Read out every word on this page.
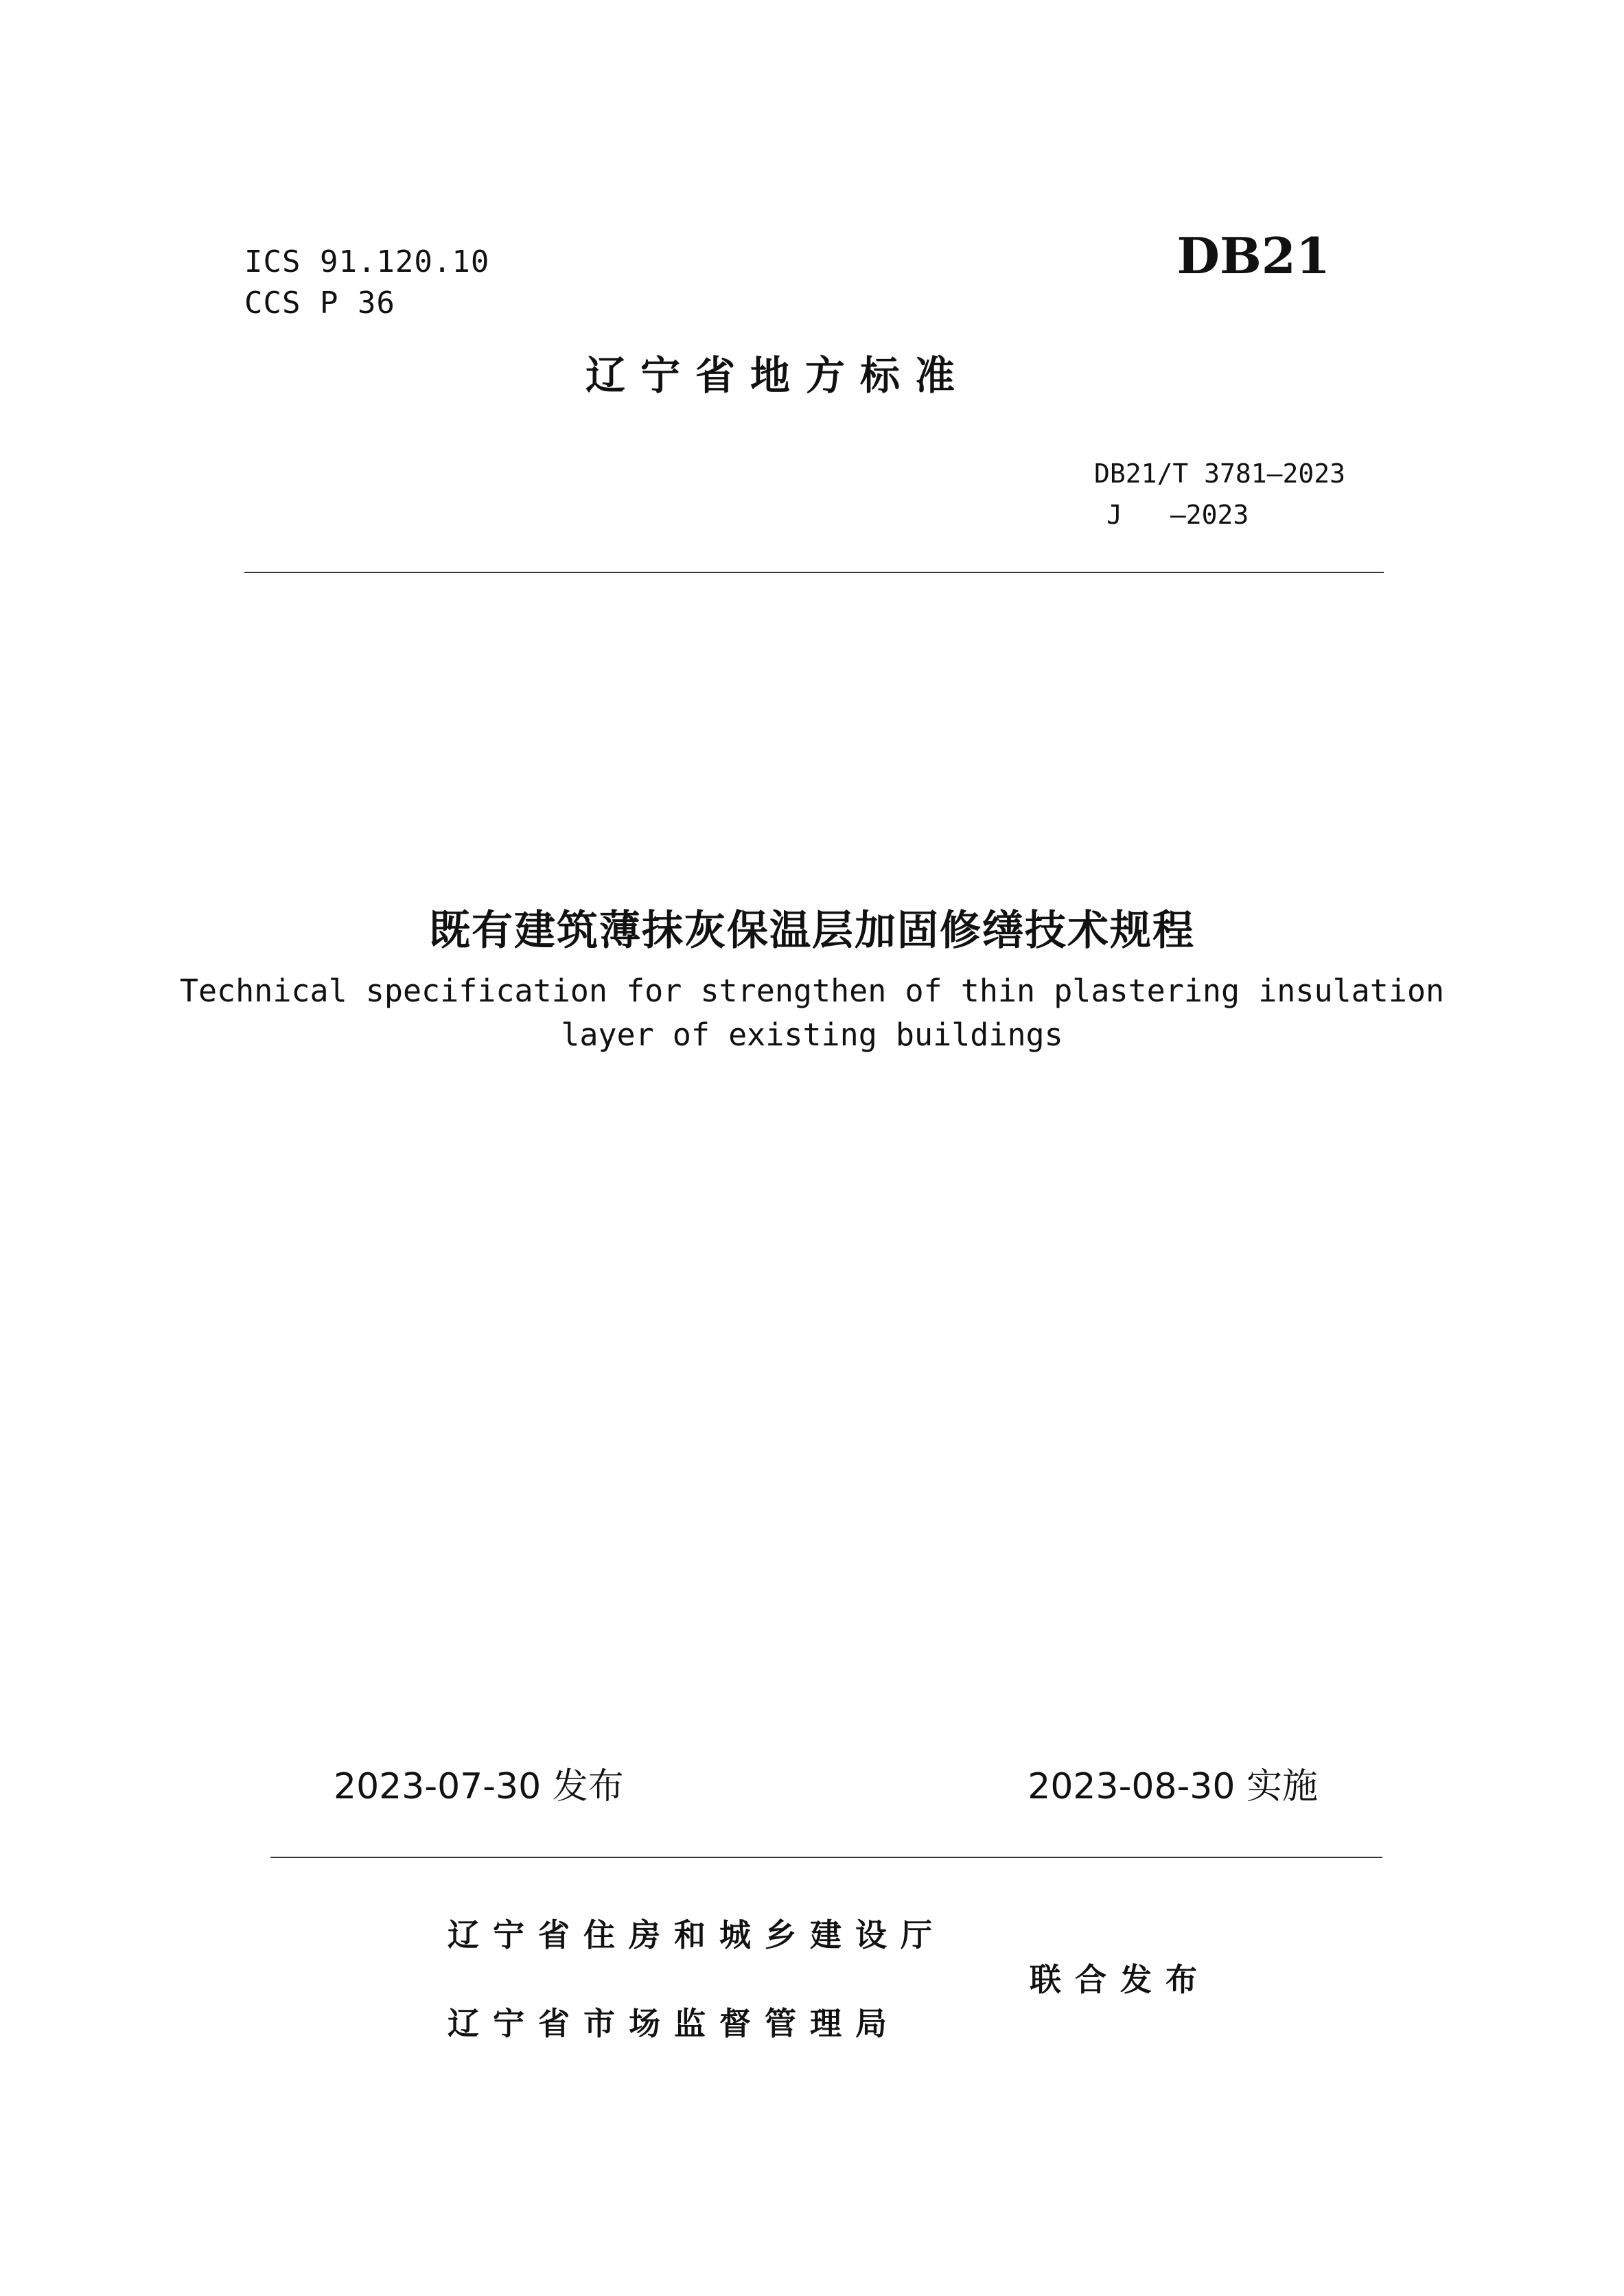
ICS 91.120.10
CCS P 36
DB21
辽宁省地方标准
DB21/T 3781—2023
J —2023
既有建筑薄抹灰保温层加固修缮技术规程
Technical specification for strengthen of thin plastering insulation
layer of existing buildings
2023-07-30 发布	2023-08-30 实施
辽宁省住房和城乡建设厅
联合发布
辽宁省市场监督管理局
